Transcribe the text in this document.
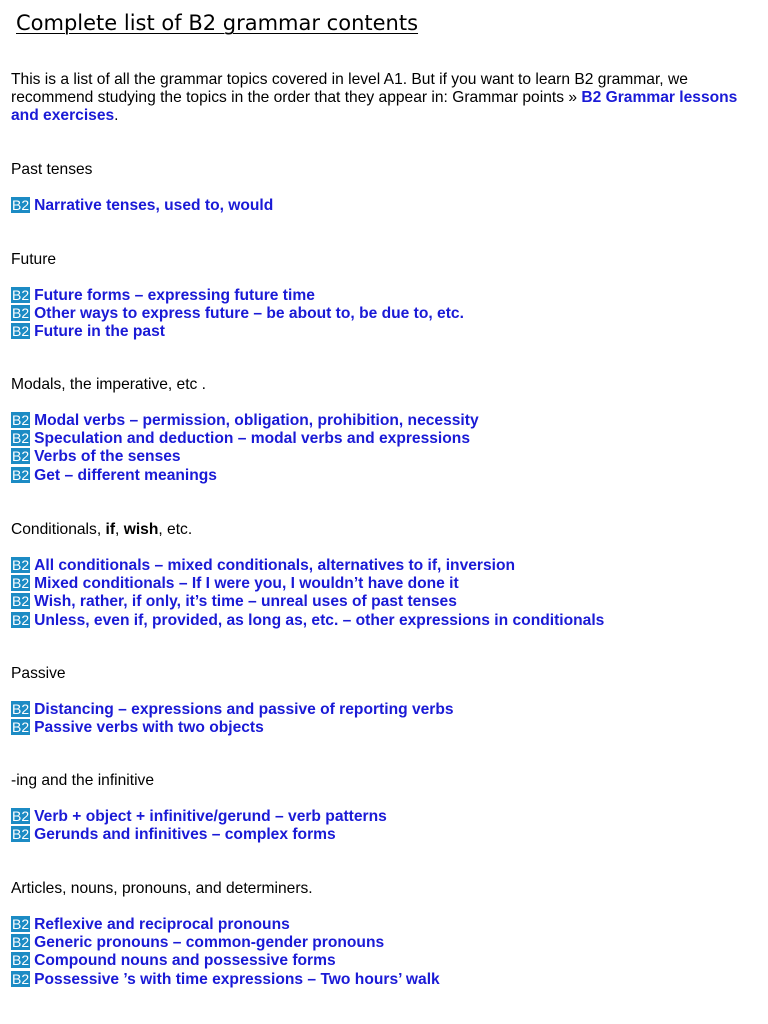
Complete list of B2 grammar contents

This is a list of all the grammar topics covered in level A1. But if you want to learn B2 grammar, we recommend studying the topics in the order that they appear in: Grammar points » B2 Grammar lessons and exercises.

Past tenses
B2 Narrative tenses, used to, would
Future
B2 Future forms – expressing future time
B2 Other ways to express future – be about to, be due to, etc.
B2 Future in the past
Modals, the imperative, etc .
B2 Modal verbs – permission, obligation, prohibition, necessity
B2 Speculation and deduction – modal verbs and expressions
B2 Verbs of the senses
B2 Get – different meanings
Conditionals, if, wish, etc.
B2 All conditionals – mixed conditionals, alternatives to if, inversion
B2 Mixed conditionals – If I were you, I wouldn’t have done it
B2 Wish, rather, if only, it’s time – unreal uses of past tenses
B2 Unless, even if, provided, as long as, etc. – other expressions in conditionals
Passive
B2 Distancing – expressions and passive of reporting verbs
B2 Passive verbs with two objects
-ing and the infinitive
B2 Verb + object + infinitive/gerund – verb patterns
B2 Gerunds and infinitives – complex forms
Articles, nouns, pronouns, and determiners.
B2 Reflexive and reciprocal pronouns
B2 Generic pronouns – common-gender pronouns
B2 Compound nouns and possessive forms
B2 Possessive ’s with time expressions – Two hours’ walk
